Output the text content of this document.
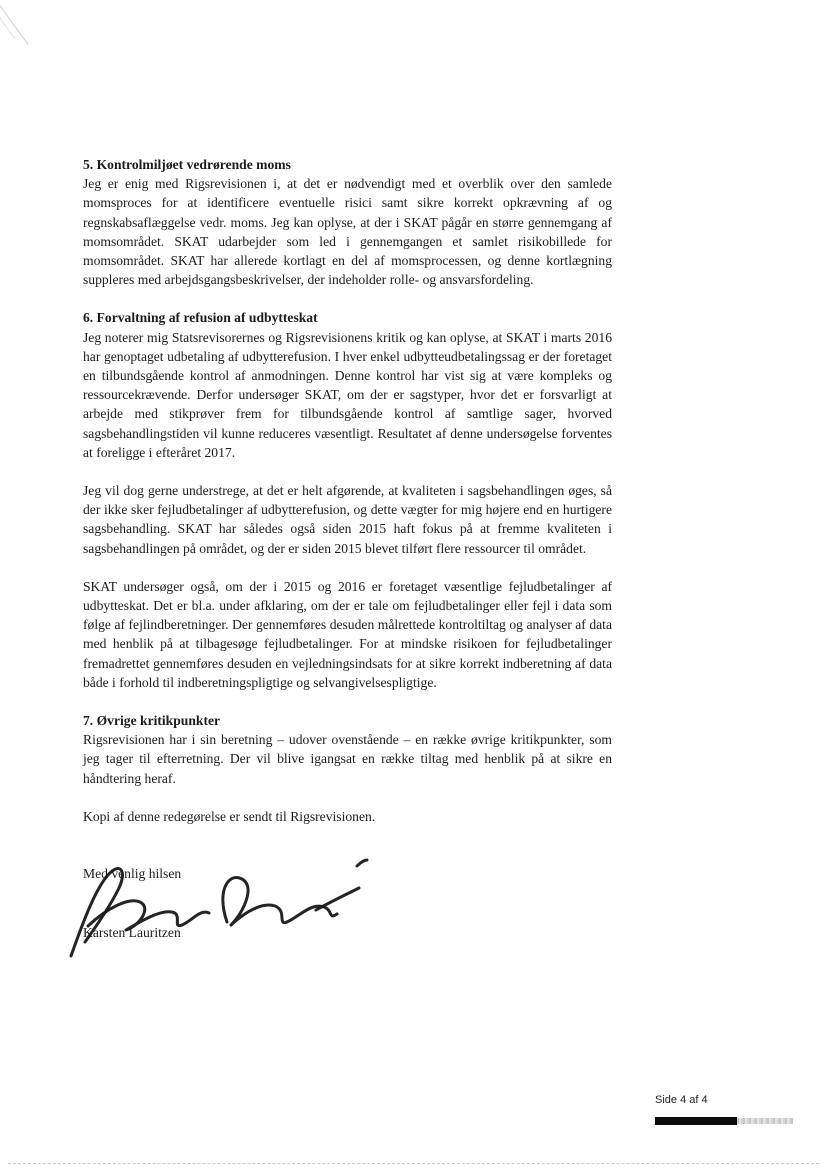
5. Kontrolmiljøet vedrørende moms

Jeg er enig med Rigsrevisionen i, at det er nødvendigt med et overblik over den samlede momsproces for at identificere eventuelle risici samt sikre korrekt opkrævning af og regnskabsaflæggelse vedr. moms. Jeg kan oplyse, at der i SKAT pågår en større gennemgang af momsområdet. SKAT udarbejder som led i gennemgangen et samlet risikobillede for momsområdet. SKAT har allerede kortlagt en del af momsprocessen, og denne kortlægning suppleres med arbejdsgangsbeskrivelser, der indeholder rolle- og ansvarsfordeling.

6. Forvaltning af refusion af udbytteskat

Jeg noterer mig Statsrevisorernes og Rigsrevisionens kritik og kan oplyse, at SKAT i marts 2016 har genoptaget udbetaling af udbytterefusion. I hver enkel udbytteudbetalingssag er der foretaget en tilbundsgående kontrol af anmodningen. Denne kontrol har vist sig at være kompleks og ressourcekrævende. Derfor undersøger SKAT, om der er sagstyper, hvor det er forsvarligt at arbejde med stikprøver frem for tilbundsgående kontrol af samtlige sager, hvorved sagsbehandlingstiden vil kunne reduceres væsentligt. Resultatet af denne undersøgelse forventes at foreligge i efteråret 2017.

Jeg vil dog gerne understrege, at det er helt afgørende, at kvaliteten i sagsbehandlingen øges, så der ikke sker fejludbetalinger af udbytterefusion, og dette vægter for mig højere end en hurtigere sagsbehandling. SKAT har således også siden 2015 haft fokus på at fremme kvaliteten i sagsbehandlingen på området, og der er siden 2015 blevet tilført flere ressourcer til området.

SKAT undersøger også, om der i 2015 og 2016 er foretaget væsentlige fejludbetalinger af udbytteskat. Det er bl.a. under afklaring, om der er tale om fejludbetalinger eller fejl i data som følge af fejlindberetninger. Der gennemføres desuden målrettede kontroltiltag og analyser af data med henblik på at tilbagesøge fejludbetalinger. For at mindske risikoen for fejludbetalinger fremadrettet gennemføres desuden en vejledningsindsats for at sikre korrekt indberetning af data både i forhold til indberetningspligtige og selvangivelsespligtige.

7. Øvrige kritikpunkter

Rigsrevisionen har i sin beretning – udover ovenstående – en række øvrige kritikpunkter, som jeg tager til efterretning. Der vil blive igangsat en række tiltag med henblik på at sikre en håndtering heraf.

Kopi af denne redegørelse er sendt til Rigsrevisionen.

Med venlig hilsen
Karsten Lauritzen
Side 4 af 4
